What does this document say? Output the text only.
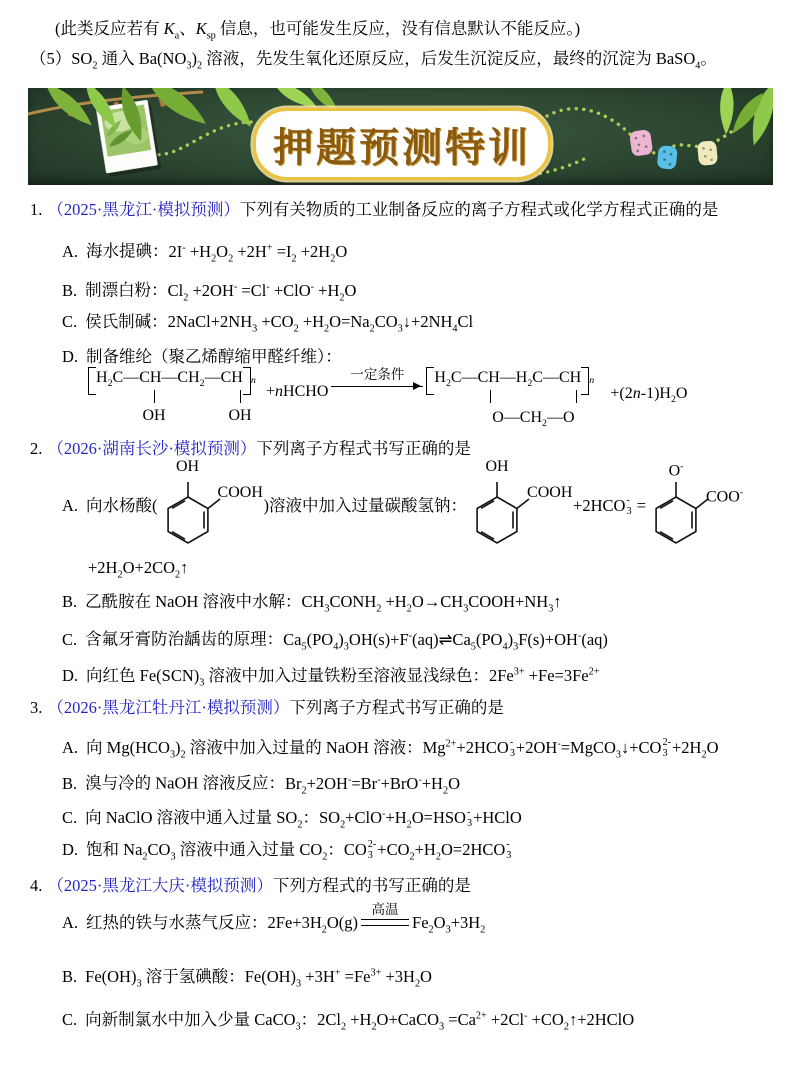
(此类反应若有 $K_a$、$K_{sp}$ 信息，也可能发生反应，没有信息默认不能反应。)
$(5)SO_2$ 通入 $Ba(NO_3)_2$ 溶液，先发生氧化还原反应，后发生沉淀反应，最终的沉淀为 BaSO$_4$。
押题预测特训
1. （2025·黑龙江·模拟预测）下列有关物质的工业制备反应的离子方程式或化学方程式正确的是
A. 海水提碘：$2I^- +H_2O_2 +2H^+ =I_2 +2H_2O$
B. 制漂白粉：$Cl_2 +2OH^- =Cl^- +ClO^- +H_2O$
C. 侯氏制碱：$2NaCl+2NH_3 +CO_2$ $+H_2O=Na_2CO_3↓+2NH_4Cl$
D. 制备维纶（聚乙烯醇缩甲醛纤维）：
$H_2C—CH—CH_2—CH$ n
OH	OH
+nHCHO
一定条件 $H_2C—CH—H_2C—CH$ n
$O—CH_2—O$
$+(2n-1)H_2O$
2. （2026·湖南长沙·模拟预测）下列离子方程式书写正确的是
A. 向水杨酸(
OH
COOH
)溶液中加入过量碳酸氢钠：
OH
COOH
+2HCO -
3 =
O-
COO-
$+2H_2O+2CO_2↑$
B. 乙酰胺在 NaOH 溶液中水解：$CH_3CONH_2$ $+H_2O\to CH_3COOH+NH_3↑$
C. 含氟牙膏防治龋齿的原理：$Ca_5(PO_4)_3OH(s)+F^-(aq)\rightleftharpoons Ca_5(PO_4)_3F(s)+OH^-(aq)$
D. 向红色 $Fe(SCN)_3$ 溶液中加入过量铁粉至溶液显浅绿色：$2Fe^{3+} +Fe=3Fe^{2+}$
3. （2026·黑龙江牡丹江·模拟预测）下列离子方程式书写正确的是
A. 向 $Mg(HCO_3)_2$ 溶液中加入过量的 NaOH 溶液：$Mg^{2+}+2HCO$ -
3 +2OH-=MgCO$_3$↓+CO 2-
$3 +2H_2O$
B. 溴与冷的 NaOH 溶液反应：$Br_2+2OH^-=Br^-+BrO^-+H_2O$
C. 向 NaClO 溶液中通入过量 $SO_2$：$SO_2+ClO^-+H_2O=HSO$ -
3 +HClO
D. 饱和 $Na_2CO_3$ 溶液中通入过量 $CO_2$：CO 2-
$3 +CO_2+H_2O=2HCO$ -
3
4. （2025·黑龙江大庆·模拟预测）下列方程式的书写正确的是
A. 红热的铁与水蒸气反应：$2Fe+3H_2O(g)$
高温
$Fe_2O_3+3H_2$
B. $Fe(OH)_3$ 溶于氢碘酸：$Fe(OH)_3 +3H^+ =Fe^{3+} +3H_2O$
C. 向新制氯水中加入少量 CaCO$_3$：$2Cl_2$ $+H_2O+CaCO_3 =Ca^{2+} +2Cl^-$ $+CO_2↑+2HClO$
